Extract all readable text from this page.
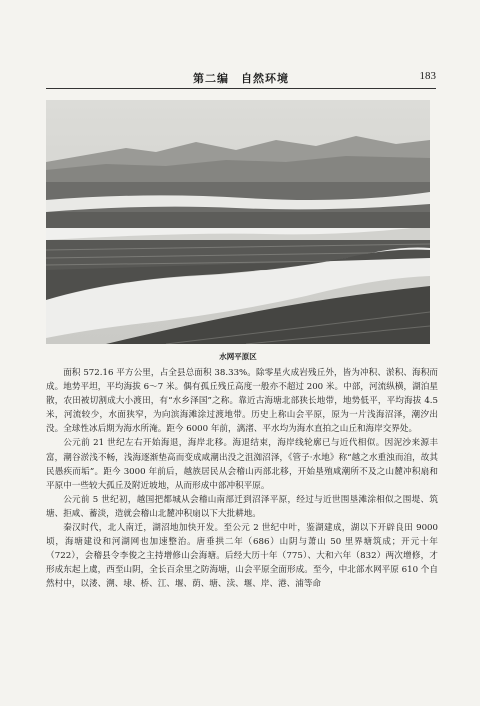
第二编　自然环境	183
水网平原区

面积 572.16 平方公里，占全县总面积 38.33%。除零星火成岩残丘外，皆为冲积、淤积、海积而成。地势平坦，平均海拔 6～7 米。偶有孤丘残丘高度一般亦不超过 200 米。中部，河流纵横，湖泊星散，农田被切割成大小渡田，有“水乡泽国”之称。靠近古海塘北部狭长地带，地势低平，平均海拔 4.5 米，河流较少，水面狭窄，为向滨海滩涂过渡地带。历史上称山会平原，原为一片浅海沼泽，潮汐出没。全球性冰后期为海水所淹。距今 6000 年前，漓渚、平水均为海水直拍之山丘和海岸交界处。

公元前 21 世纪左右开始海退，海岸北移。海退结束，海岸线轮廓已与近代相似。因泥沙来源丰富，潮谷淤浅不畅，浅海逐渐垫高而变成咸潮出没之沮洳沼泽，《管子·水地》称“越之水重浊而洎，故其民愚疾而垢”。距今 3000 年前后，越族居民从会稽山丙部北移，开始垦殖咸潮所不及之山麓冲积扇和平原中一些较大孤丘及附近坡地，从而形成中部冲积平原。

公元前 5 世纪初，越国把都城从会稽山南部迁到沼泽平原，经过与近世围垦滩涂相似之围堤、筑塘、拒咸、蓄淡，造就会稽山北麓冲积扇以下大批耕地。

秦汉时代，北人南迁，湖沼地加快开发。至公元 2 世纪中叶，鉴湖建成，湖以下开辟良田 9000 顷，海塘建设和河湖网也加速整治。唐垂拱二年（686）山阴与萧山 50 里界塘筑成；开元十年（722），会稽县令李俊之主持增修山会海塘。后经大历十年（775）、大和六年（832）两次增修，才形成东起上虞，西至山阴，全长百余里之防海塘，山会平原全面形成。至今，中北部水网平原 610 个自然村中，以溇、溯、埭、桥、江、堰、荫、塘、渎、堰、岸、港、浦等命
